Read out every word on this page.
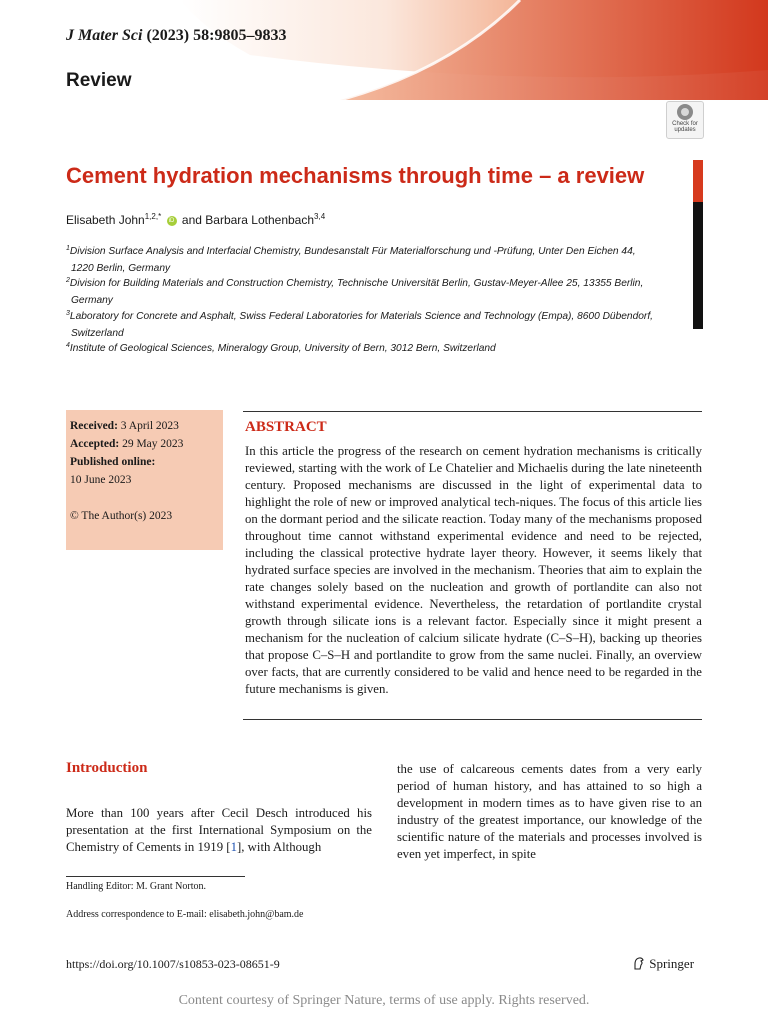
J Mater Sci (2023) 58:9805–9833
Review
Check for
updates
Cement hydration mechanisms through time – a review
Elisabeth John$^{1,2,*}$ iD and Barbara Lothenbach$^{3,4}$
$^1$Division Surface Analysis and Interfacial Chemistry, Bundesanstalt Für Materialforschung und -Prüfung, Unter Den Eichen 44,
1220 Berlin, Germany
$^2$Division for Building Materials and Construction Chemistry, Technische Universität Berlin, Gustav-Meyer-Allee 25, 13355 Berlin,
Germany
$^3$Laboratory for Concrete and Asphalt, Swiss Federal Laboratories for Materials Science and Technology (Empa), 8600 Dübendorf,
Switzerland
$^4$Institute of Geological Sciences, Mineralogy Group, University of Bern, 3012 Bern, Switzerland
Received: 3 April 2023
Accepted: 29 May 2023
Published online:
10 June 2023
© The Author(s) 2023
ABSTRACT
In this article the progress of the research on cement hydration mechanisms is critically reviewed, starting with the work of Le Chatelier and Michaelis during the late nineteenth century. Proposed mechanisms are discussed in the light of experimental data to highlight the role of new or improved analytical tech-niques. The focus of this article lies on the dormant period and the silicate reaction. Today many of the mechanisms proposed throughout time cannot withstand experimental evidence and need to be rejected, including the classical protective hydrate layer theory. However, it seems likely that hydrated surface species are involved in the mechanism. Theories that aim to explain the rate changes solely based on the nucleation and growth of portlandite can also not withstand experimental evidence. Nevertheless, the retardation of portlandite crystal growth through silicate ions is a relevant factor. Especially since it might present a mechanism for the nucleation of calcium silicate hydrate (C–S–H), backing up theories that propose C–S–H and portlandite to grow from the same nuclei. Finally, an overview over facts, that are currently considered to be valid and hence need to be regarded in the future mechanisms is given.
Introduction
More than 100 years after Cecil Desch introduced his presentation at the first International Symposium on the Chemistry of Cements in 1919 [1], with Although
the use of calcareous cements dates from a very early period of human history, and has attained to so high a development in modern times as to have given rise to an industry of the greatest importance, our knowledge of the scientific nature of the materials and processes involved is even yet imperfect, in spite
Handling Editor: M. Grant Norton.
Address correspondence to E-mail: elisabeth.john@bam.de
https://doi.org/10.1007/s10853-023-08651-9	Springer
Content courtesy of Springer Nature, terms of use apply. Rights reserved.
